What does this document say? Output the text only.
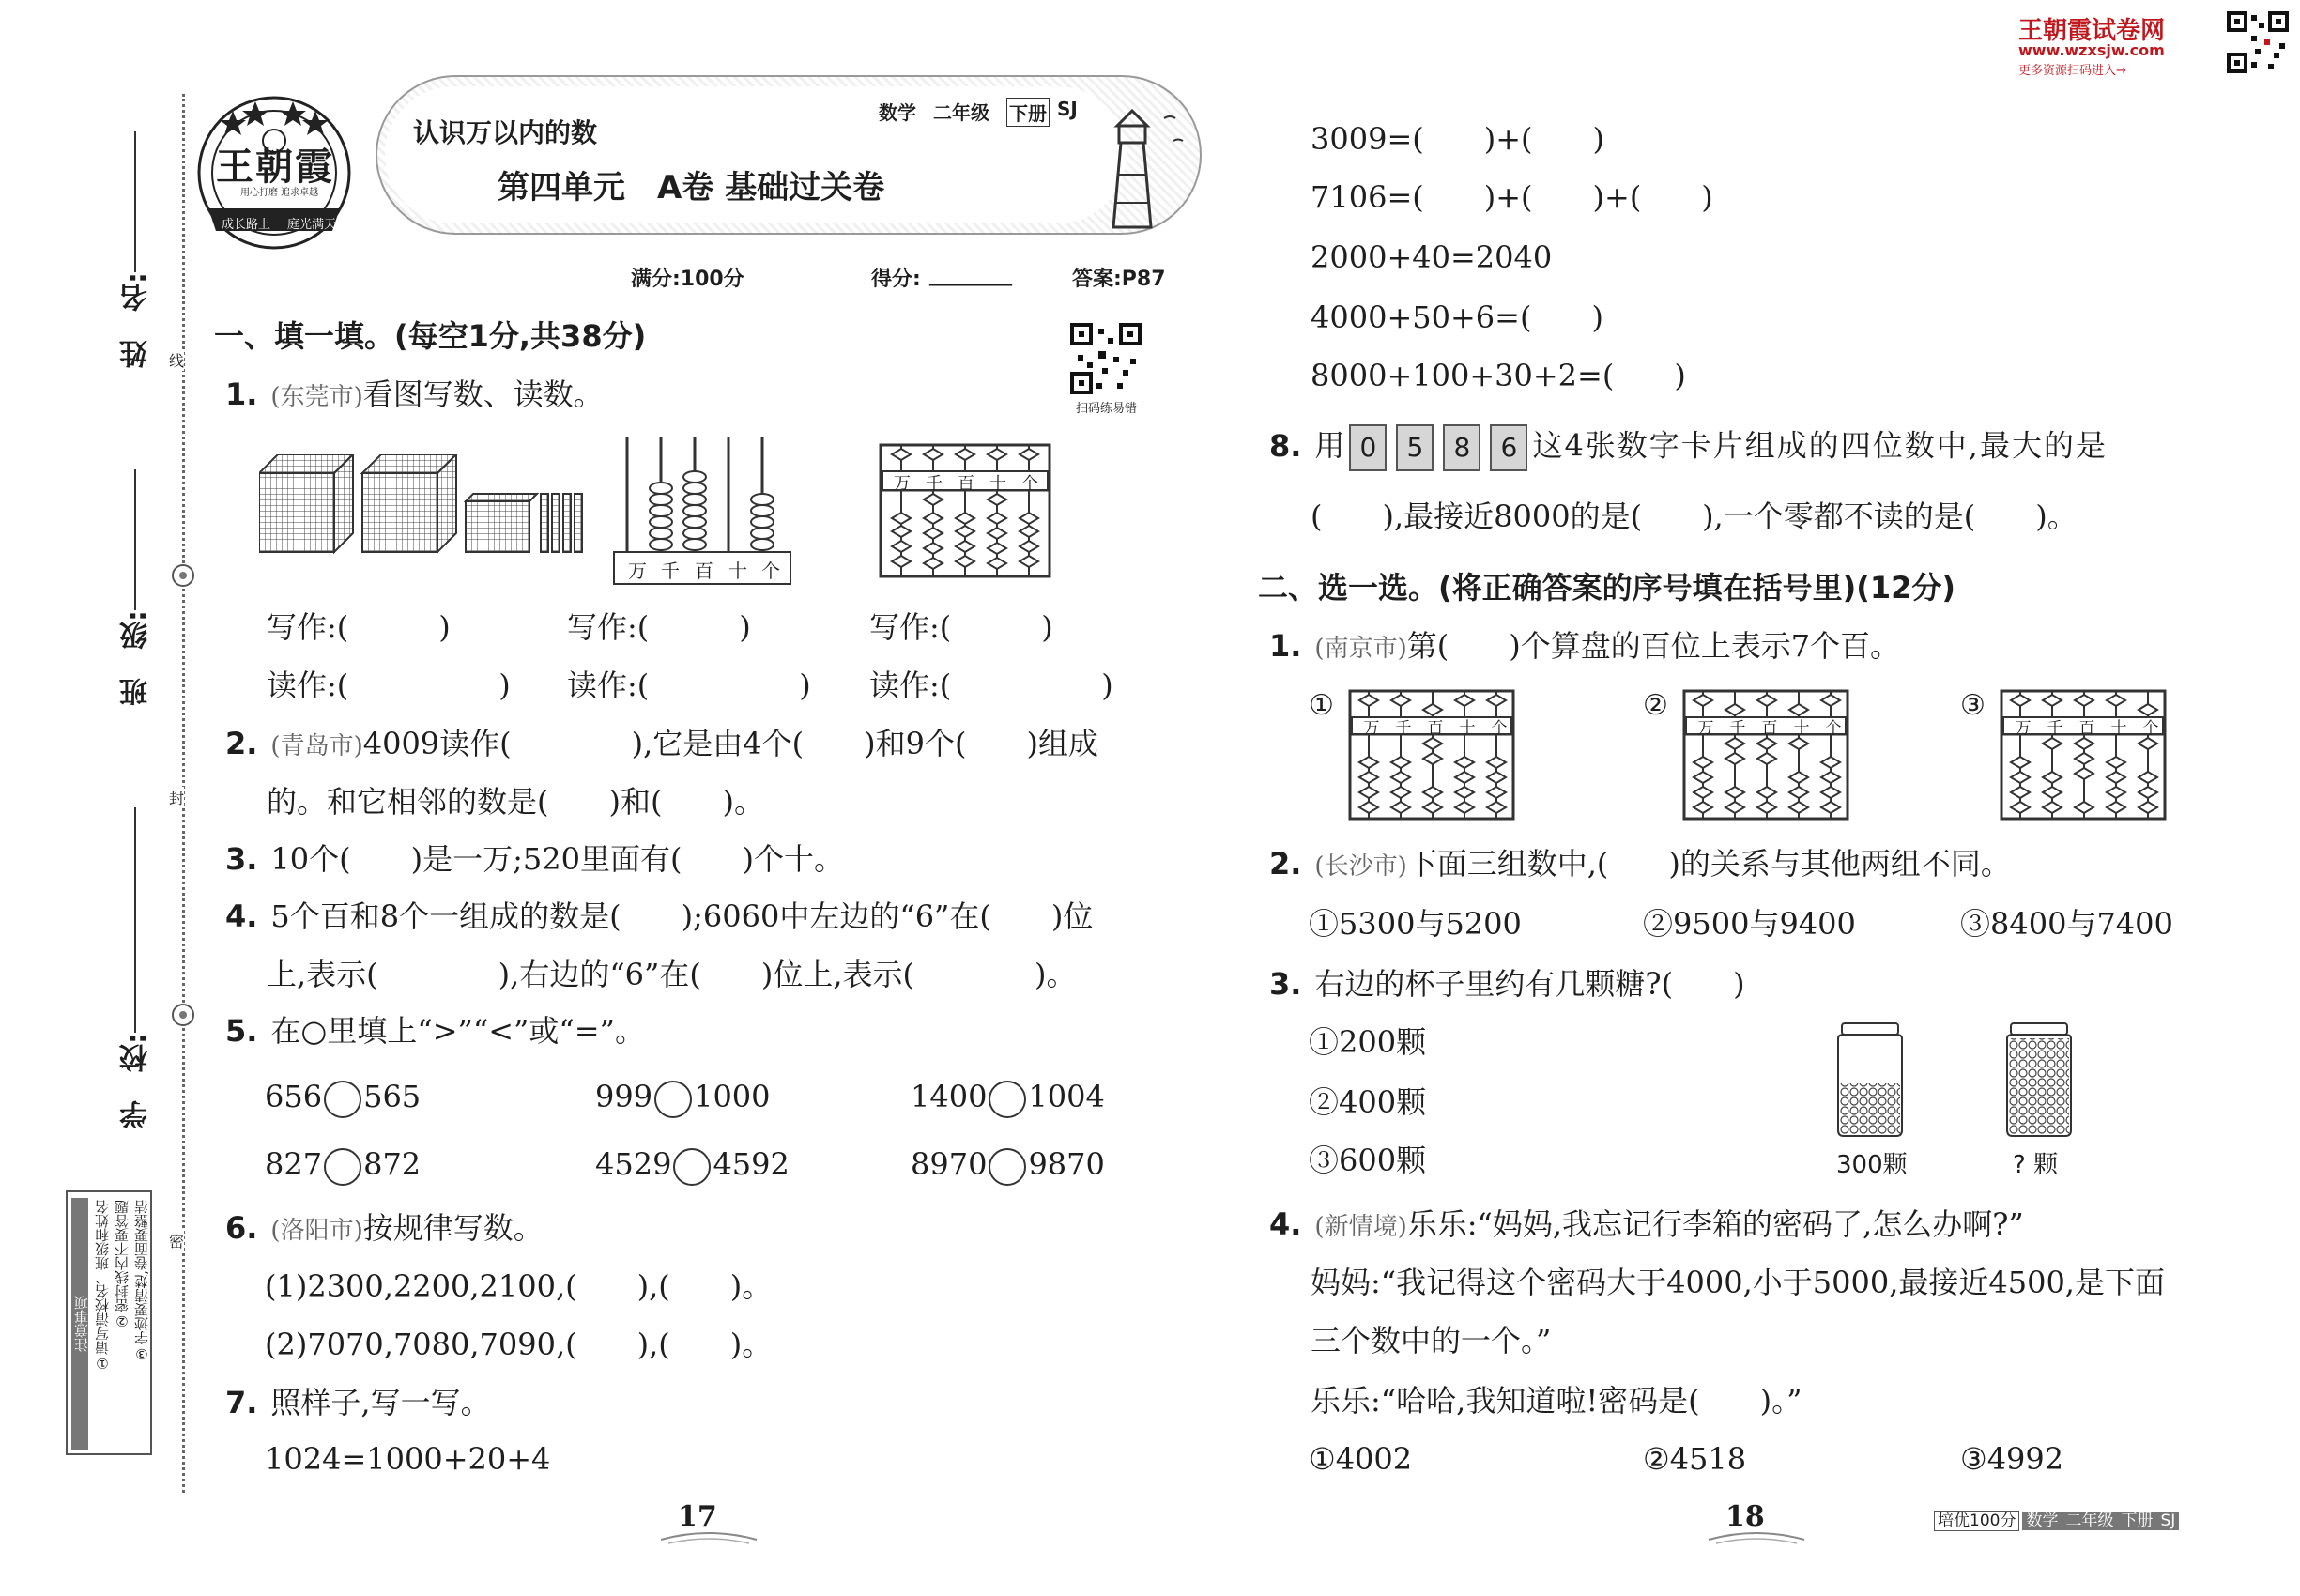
王朝霞试卷网
www.wzxsjw.com
更多资源扫码进入→
姓　名:
班　级:
学　校:
线
封
密
注意事项 ①请写清校名、班级和姓名 ②密封线内不要答题 ③字迹要清楚,卷面要整洁
王朝霞
用心打磨 追求卓越
成长路上 庭光满天
认识万以内的数
第四单元　A卷 基础过关卷
数学 二年级 下册 SJ
满分:100分	得分: ________	答案:P87
扫码练易错
一、填一填。(每空1分,共38分)
1. (东莞市)看图写数、读数。
万 千 百 十 个
万 千 百 十 个
写作:(　　　)	写作:(　　　)	写作:(　　　)
读作:(　　　　　) 读作:(　　　　　) 读作:(　　　　　)
2. (青岛市)4009读作(　　　　),它是由4个(　　)和9个(　　)组成
的。和它相邻的数是(　　)和(　　)。
3. 10个(　　)是一万;520里面有(　　)个十。
4. 5个百和8个一组成的数是(　　);6060中左边的“6”在(　　)位
上,表示(　　　　),右边的“6”在(　　)位上,表示(　　　　)。
5. 在○里填上“>”“<”或“=”。
656 565	999 1000	1400 1004
827 872	4529 4592	8970 9870
6. (洛阳市)按规律写数。
(1)2300,2200,2100,(　　),(　　)。
(2)7070,7080,7090,(　　),(　　)。
7. 照样子,写一写。
1024=1000+20+4
17
3009=(　　)+(　　)
7106=(　　)+(　　)+(　　)
2000+40=2040
4000+50+6=(　　)
8000+100+30+2=(　　)
8. 用 0 5 8 6 这4张数字卡片组成的四位数中,最大的是
(　　),最接近8000的是(　　),一个零都不读的是(　　)。
二、选一选。(将正确答案的序号填在括号里)(12分)
1. (南京市)第(　　)个算盘的百位上表示7个百。
①
万 千 百 十 个
②
万 千 百 十 个
③
万 千 百 十 个
2. (长沙市)下面三组数中,(　　)的关系与其他两组不同。
①5300与5200	②9500与9400	③8400与7400
3. 右边的杯子里约有几颗糖?(　　)
①200颗
②400颗
③600颗	300颗	? 颗
4. (新情境)乐乐:“妈妈,我忘记行李箱的密码了,怎么办啊?”
妈妈:“我记得这个密码大于4000,小于5000,最接近4500,是下面
三个数中的一个。”
乐乐:“哈哈,我知道啦!密码是(　　)。”
①4002	②4518	③4992
18	培优100分 数学 二年级 下册 SJ
